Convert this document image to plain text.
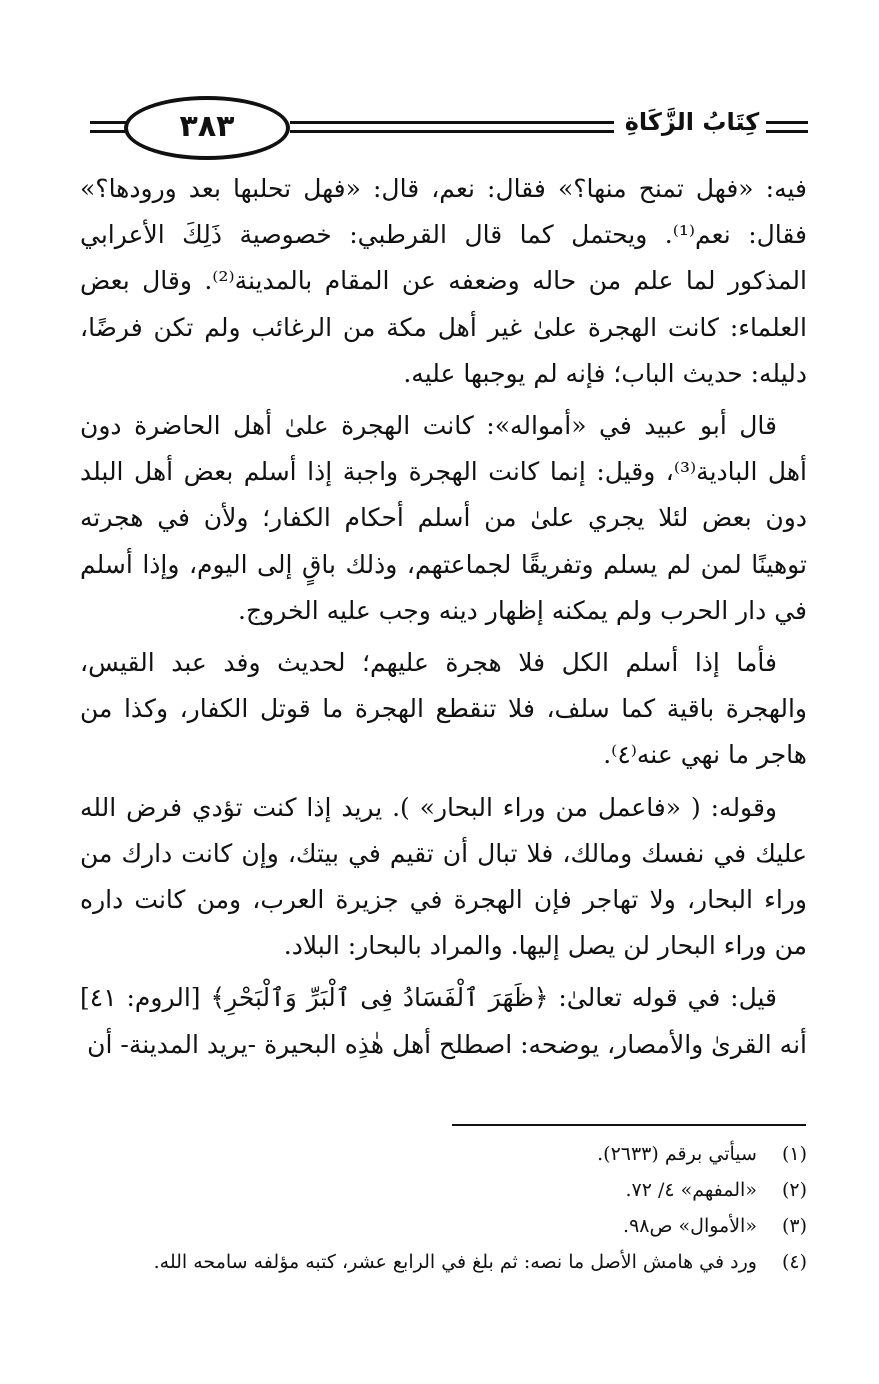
٣٨٣	كِتَابُ الزَّكَاةِ

فيه: «فهل تمنح منها؟» فقال: نعم، قال: «فهل تحلبها بعد ورودها؟» فقال: نعم⁽¹⁾. ويحتمل كما قال القرطبي: خصوصية ذَلِكَ الأعرابي المذكور لما علم من حاله وضعفه عن المقام بالمدينة⁽²⁾. وقال بعض العلماء: كانت الهجرة علىٰ غير أهل مكة من الرغائب ولم تكن فرضًا، دليله: حديث الباب؛ فإنه لم يوجبها عليه.

قال أبو عبيد في «أمواله»: كانت الهجرة علىٰ أهل الحاضرة دون أهل البادية⁽³⁾، وقيل: إنما كانت الهجرة واجبة إذا أسلم بعض أهل البلد دون بعض لئلا يجري علىٰ من أسلم أحكام الكفار؛ ولأن في هجرته توهينًا لمن لم يسلم وتفريقًا لجماعتهم، وذلك باقٍ إلى اليوم، وإذا أسلم في دار الحرب ولم يمكنه إظهار دينه وجب عليه الخروج.

فأما إذا أسلم الكل فلا هجرة عليهم؛ لحديث وفد عبد القيس، والهجرة باقية كما سلف، فلا تنقطع الهجرة ما قوتل الكفار، وكذا من هاجر ما نهي عنه⁽٤⁾.

وقوله: ( «فاعمل من وراء البحار» ). يريد إذا كنت تؤدي فرض الله عليك في نفسك ومالك، فلا تبال أن تقيم في بيتك، وإن كانت دارك من وراء البحار، ولا تهاجر فإن الهجرة في جزيرة العرب، ومن كانت داره من وراء البحار لن يصل إليها. والمراد بالبحار: البلاد.

قيل: في قوله تعالىٰ: ﴿ظَهَرَ ٱلْفَسَادُ فِى ٱلْبَرِّ وَٱلْبَحْرِ﴾ [الروم: ٤١] أنه القرىٰ والأمصار، يوضحه: اصطلح أهل هٰذِه البحيرة -يريد المدينة- أن

(١) سيأتي برقم (٢٦٣٣).
(٢) «المفهم» ٤/ ٧٢.
(٣) «الأموال» ص٩٨.
(٤) ورد في هامش الأصل ما نصه: ثم بلغ في الرابع عشر، كتبه مؤلفه سامحه الله.
